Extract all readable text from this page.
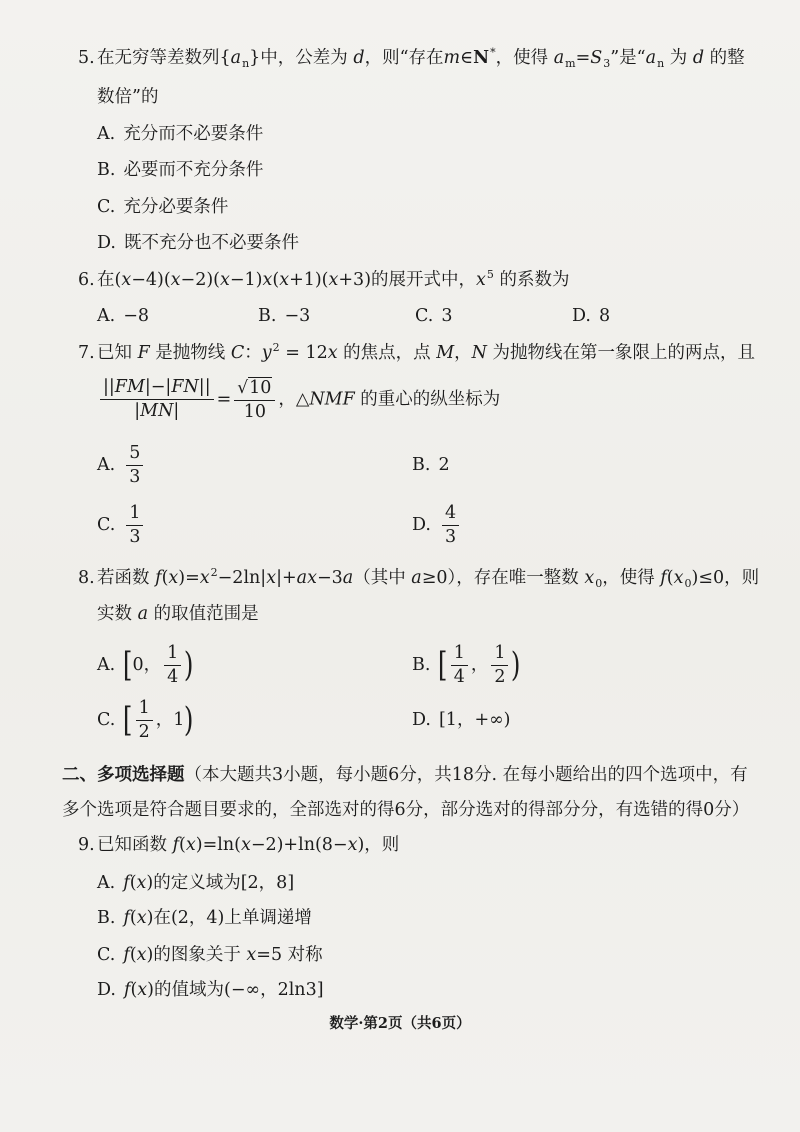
5. 在无穷等差数列$\{a_n\}$中，公差为 d，则“存在m∈N*，使得 $a_m=S_3$”是“$a_n$ 为 d 的整
数倍”的
A. 充分而不必要条件
B. 必要而不充分条件
C. 充分必要条件
D. 既不充分也不必要条件
6. 在(x−4)(x−2)(x−1)x(x+1)(x+3)的展开式中，$x^5$ 的系数为
A. −8	B. −3	C. 3	D. 8
7. 已知 F 是抛物线 C：$y^2 = 12x$ 的焦点，点 M，N 为抛物线在第一象限上的两点，且
$\frac{||FM|-|FN||}{|MN|} = \frac{√ 10}{10}$ ，△NMF 的重心的纵坐标为
A. $\frac{5}{3}$	B. 2
C. $\frac{1}{3}$	D. $\frac{4}{3}$
8. 若函数 $f(x)=x^2-2\ln|x|+ax-3a$（其中 a≥0），存在唯一整数 $x_0$，使得 $f(x_0)\le 0$，则
实数 a 的取值范围是
A. [0， $\frac{1}{4}$ )	B. [ $\frac{1}{4}$ ， $\frac{1}{2}$ )
C. [ $\frac{1}{2}$ ，1)	D. [1，+∞)
二、多项选择题 （本大题共3小题，每小题6分，共18分. 在每小题给出的四个选项中，有
多个选项是符合题目要求的，全部选对的得6分，部分选对的得部分分，有选错的得0分）
9. 已知函数 f(x)=ln(x−2)+ln(8−x)，则
A. f(x)的定义域为[2，8]
B. f(x)在(2，4)上单调递增
C. f(x)的图象关于 x=5 对称
D. f(x)的值域为(−∞，2ln3]
数学·第2页（共6页）
